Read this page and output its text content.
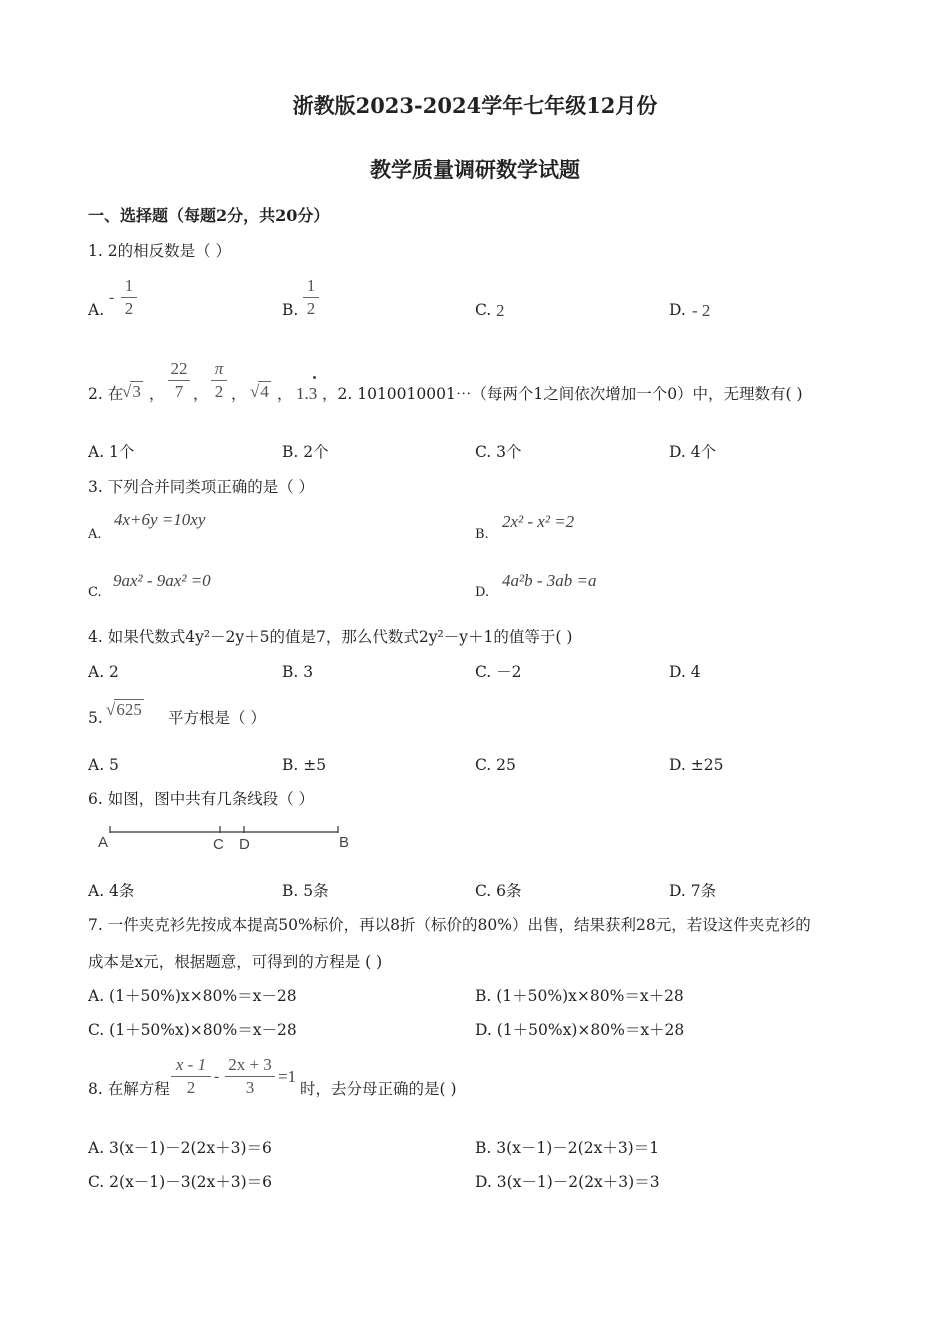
浙教版2023-2024学年七年级12月份
教学质量调研数学试题
一、选择题（每题2分，共20分）
1. 2的相反数是（ ）
A.
-
1
2	B.
1
2	C. 2	D. - 2
2. 在
√3 ，
22
7 ，
π
2 ， √4 ， 1.3 ，2. 1010010001⋯（每两个1之间依次增加一个0）中，无理数有( )
A. 1个	B. 2个	C. 3个	D. 4个
3. 下列合并同类项正确的是（ ）
A.
4x+6y =10xy
B.
2x² - x² =2
C.
9ax² - 9ax² =0
D.
4a²b - 3ab =a
4. 如果代数式4y²－2y＋5的值是7，那么代数式2y²－y＋1的值等于( )
A. 2	B. 3	C. －2	D. 4
5. √625 平方根是（ ）
A. 5	B. ±5	C. 25	D. ±25
6. 如图，图中共有几条线段（ ）
A	C D	B
A. 4条	B. 5条	C. 6条	D. 7条
7. 一件夹克衫先按成本提高50%标价，再以8折（标价的80%）出售，结果获利28元，若设这件夹克衫的
成本是x元，根据题意，可得到的方程是 ( )
A. (1＋50%)x×80%＝x－28	B. (1＋50%)x×80%＝x＋28
C. (1＋50%x)×80%＝x－28	D. (1＋50%x)×80%＝x＋28
8. 在解方程
x - 1
2
-
2x + 3
3
=1
时，去分母正确的是( )
A. 3(x－1)－2(2x＋3)＝6	B. 3(x－1)－2(2x＋3)＝1
C. 2(x－1)－3(2x＋3)＝6	D. 3(x－1)－2(2x＋3)＝3
